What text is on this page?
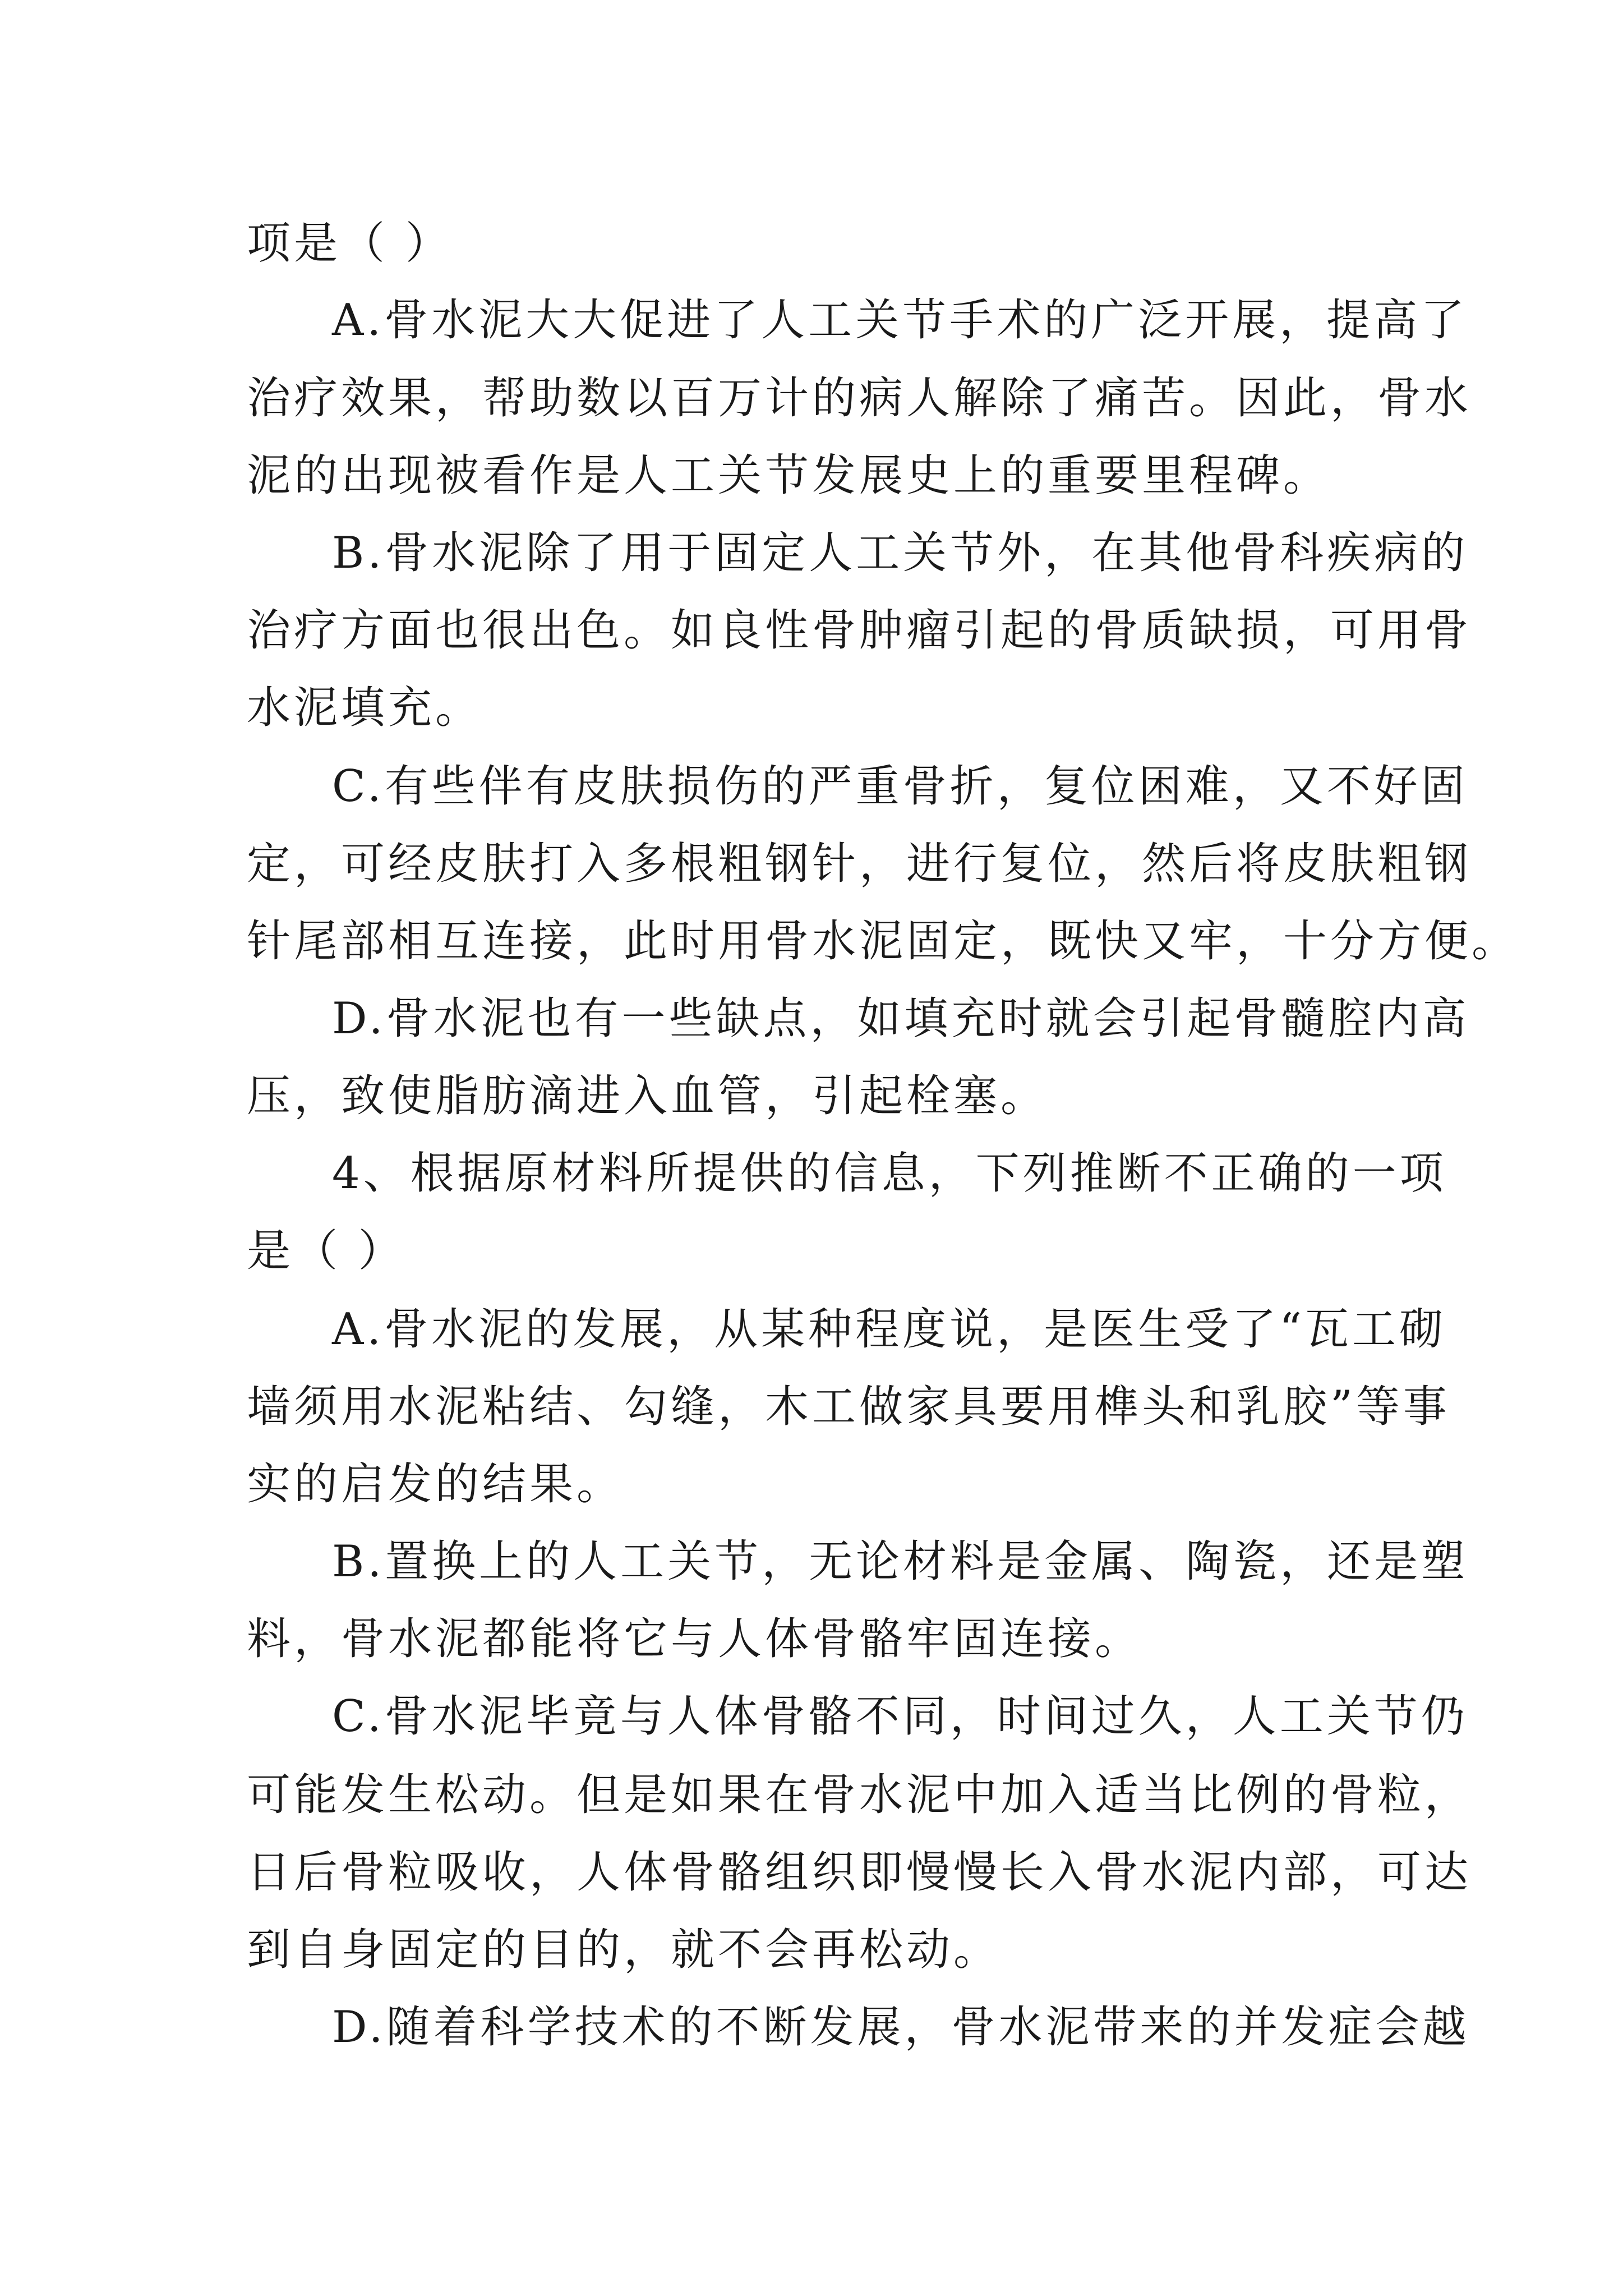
项是（ ）
A.骨水泥大大促进了人工关节手术的广泛开展，提高了
治疗效果，帮助数以百万计的病人解除了痛苦。因此，骨水
泥的出现被看作是人工关节发展史上的重要里程碑。
B.骨水泥除了用于固定人工关节外，在其他骨科疾病的
治疗方面也很出色。如良性骨肿瘤引起的骨质缺损，可用骨
水泥填充。
C.有些伴有皮肤损伤的严重骨折，复位困难，又不好固
定，可经皮肤打入多根粗钢针，进行复位，然后将皮肤粗钢
针尾部相互连接，此时用骨水泥固定，既快又牢，十分方便。
D.骨水泥也有一些缺点，如填充时就会引起骨髓腔内高
压，致使脂肪滴进入血管，引起栓塞。
4、根据原材料所提供的信息，下列推断不正确的一项
是（ ）
A.骨水泥的发展，从某种程度说，是医生受了“瓦工砌
墙须用水泥粘结、勾缝，木工做家具要用榫头和乳胶”等事
实的启发的结果。
B.置换上的人工关节，无论材料是金属、陶瓷，还是塑
料，骨水泥都能将它与人体骨骼牢固连接。
C.骨水泥毕竟与人体骨骼不同，时间过久，人工关节仍
可能发生松动。但是如果在骨水泥中加入适当比例的骨粒，
日后骨粒吸收，人体骨骼组织即慢慢长入骨水泥内部，可达
到自身固定的目的，就不会再松动。
D.随着科学技术的不断发展，骨水泥带来的并发症会越
